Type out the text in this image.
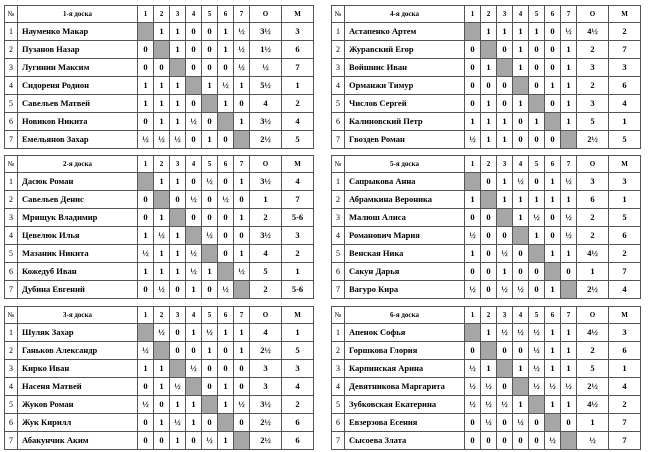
№	1-я доска	1	2	3	4	5	6	7	О	М
1	Науменко Макар		1	1	0	0	1	½	3½	3
2	Пузанов Назар	0		1	0	0	1	½	1½	6
3	Лугинин Максим	0	0		0	0	0	½	½	7
4	Сидореня Родион	1	1	1		1	½	1	5½	1
5	Савельев Матвей	1	1	1	0		1	0	4	2
6	Новиков Никита	0	1	1	½	0		1	3½	4
7	Емельянов Захар	½	½	½	0	1	0		2½	5
№	4-я доска	1	2	3	4	5	6	7	О	М
1	Астапенко Артем		1	1	1	1	0	½	4½	2
2	Журавский Егор	0		0	1	0	0	1	2	7
3	Войшнис Иван	0	1		1	0	0	1	3	3
4	Орманжи Тимур	0	0	0		0	1	1	2	6
5	Числов Сергей	0	1	0	1		0	1	3	4
6	Калиновский Петр	1	1	1	0	1		1	5	1
7	Гвоздев Роман	½	1	1	0	0	0		2½	5
№	2-я доска	1	2	3	4	5	6	7	О	М
1	Дасюк Роман		1	1	0	½	0	1	3½	4
2	Савельев Денис	0		0	½	0	½	0	1	7
3	Мрищук Владимир	0	1		0	0	0	1	2	5-6
4	Цевелюк Илья	1	½	1		½	0	0	3½	3
5	Мазаник Никита	½	1	1	½		0	1	4	2
6	Кожедуб Иван	1	1	1	½	1		½	5	1
7	Дубина Евгений	0	½	0	1	0	½		2	5-6
№	5-я доска	1	2	3	4	5	6	7	О	М
1	Сапрыкова Анна		0	1	½	0	1	½	3	3
2	Абрамкина Вероника	1		1	1	1	1	1	6	1
3	Малюш Алиса	0	0		1	½	0	½	2	5
4	Романович Мария	½	0	0		1	0	½	2	6
5	Венская Ника	1	0	½	0		1	1	4½	2
6	Сакун Дарья	0	0	1	0	0		0	1	7
7	Вагуро Кира	½	0	½	½	0	1		2½	4
№	3-я доска	1	2	3	4	5	6	7	О	М
1	Шуляк Захар		½	0	1	½	1	1	4	1
2	Ганьков Александр	½		0	0	1	0	1	2½	5
3	Кирко Иван	1	1		½	0	0	0	3	3
4	Насеня Матвей	0	1	½		0	1	0	3	4
5	Жуков Роман	½	0	1	1		1	½	3½	2
6	Жук Кирилл	0	1	½	1	0		0	2½	6
7	Абакунчик Аким	0	0	1	0	½	1		2½	6
№	6-я доска	1	2	3	4	5	6	7	О	М
1	Апенок Софья		1	½	½	½	1	1	4½	3
2	Горшкова Глория	0		0	0	½	1	1	2	6
3	Карпинская Арина	½	1		1	½	1	1	5	1
4	Девятникова Маргарита	½	½	0		½	½	½	2½	4
5	Зубковская Екатерина	½	½	½	1		1	1	4½	2
6	Евзерзова Есения	0	½	0	½	0		0	1	7
7	Сысоева Злата	0	0	0	0	0	½		½	7
